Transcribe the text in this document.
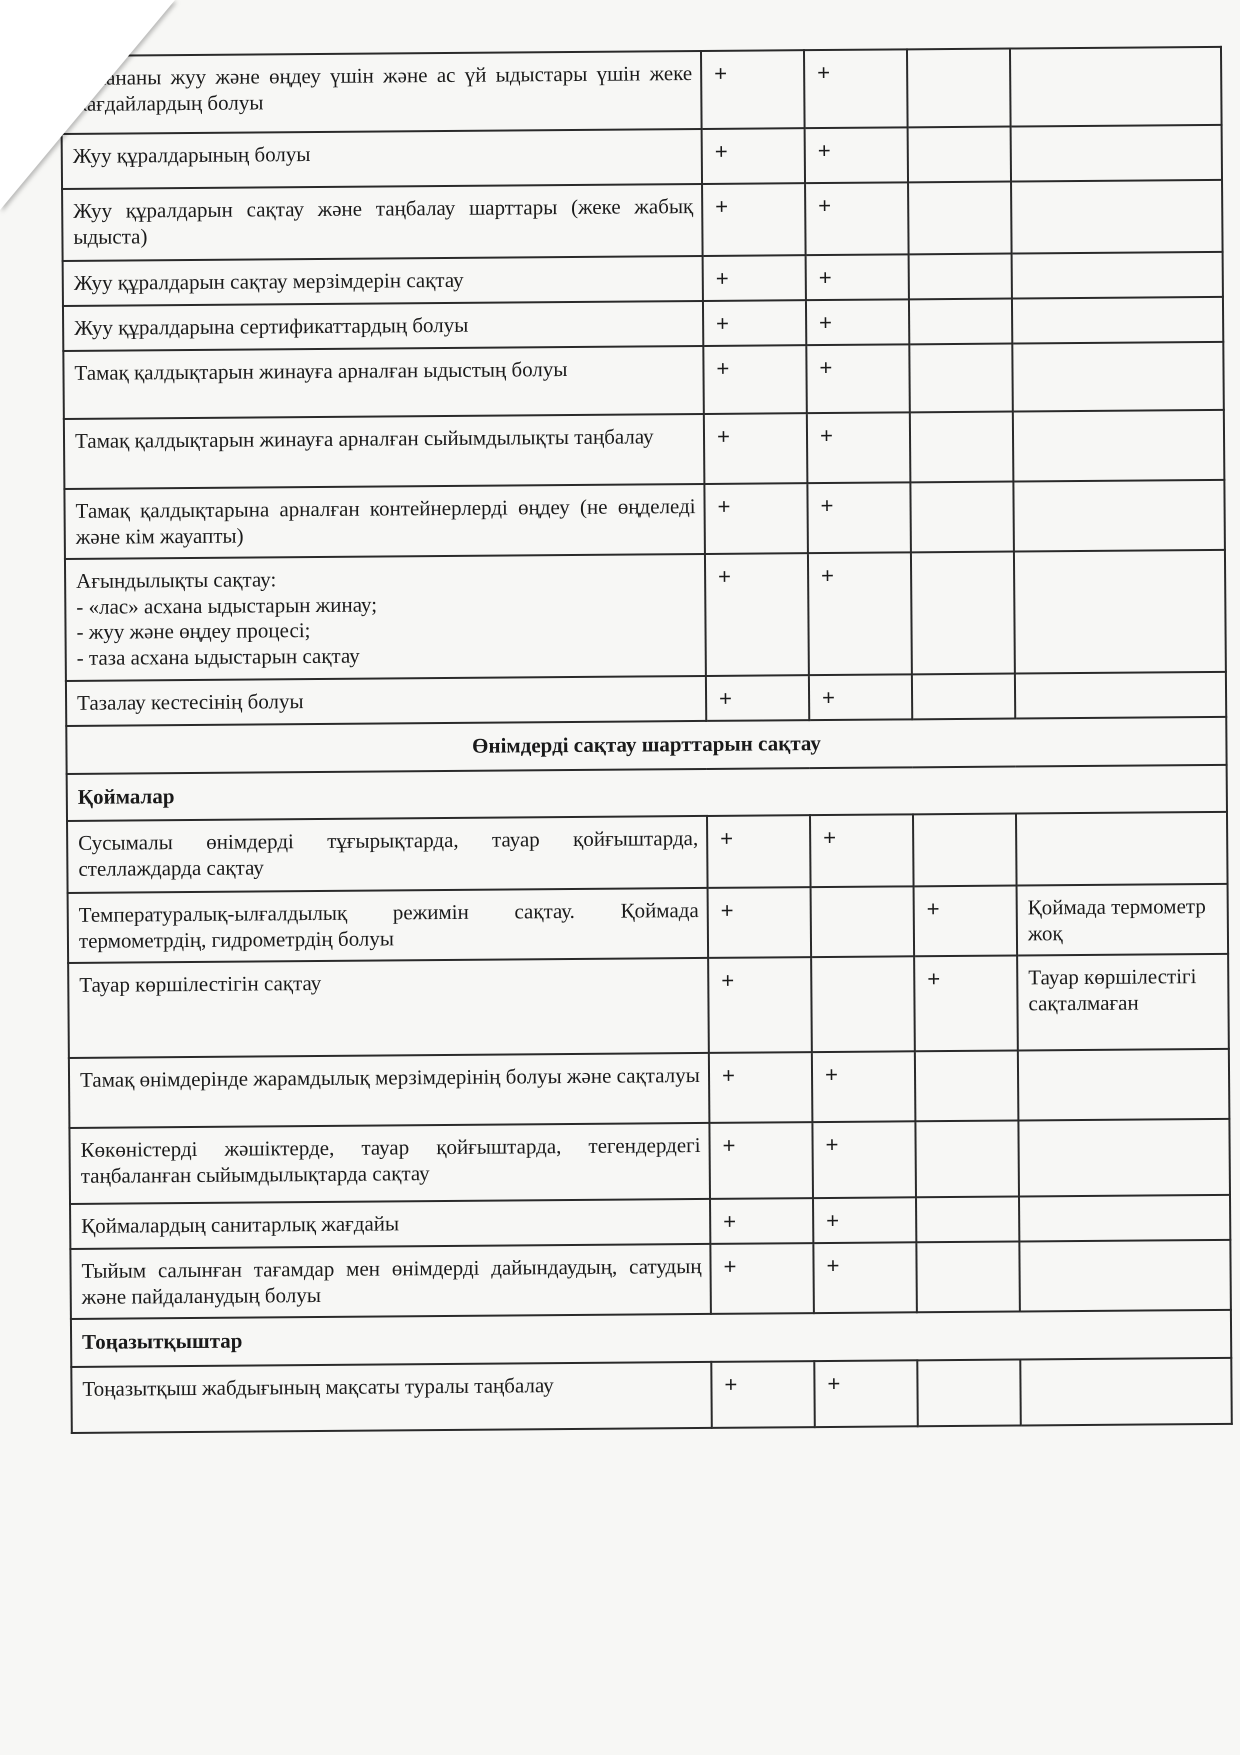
Асхананы жуу және өңдеу үшін және ас үй ыдыстары үшін жеке жағдайлардың болуы	+	+		
Жуу құралдарының болуы	+	+		
Жуу құралдарын сақтау және таңбалау шарттары (жеке жабық ыдыста)	+	+		
Жуу құралдарын сақтау мерзімдерін сақтау	+	+		
Жуу құралдарына сертификаттардың болуы	+	+		
Тамақ қалдықтарын жинауға арналған ыдыстың болуы	+	+		
Тамақ қалдықтарын жинауға арналған сыйымдылықты таңбалау	+	+		
Тамақ қалдықтарына арналған контейнерлерді өңдеу (не өңделеді және кім жауапты)	+	+		

Ағындылықты сақтау:
- «лас» асхана ыдыстарын жинау;
- жуу және өңдеу процесі;
- таза асхана ыдыстарын сақтау	+	+		
Тазалау кестесінің болуы	+	+		
Өнімдерді сақтау шарттарын сақтау				
Қоймалар				
Сусымалы өнімдерді тұғырықтарда, тауар қойғыштарда, стеллаждарда сақтау	+	+		
Температуралық-ылғалдылық режимін сақтау. Қоймада термометрдің, гидрометрдің болуы	+		+	Қоймада термометр жоқ
Тауар көршілестігін сақтау	+		+	Тауар көршілестігі сақталмаған
Тамақ өнімдерінде жарамдылық мерзімдерінің болуы және сақталуы	+	+		
Көкөністерді жәшіктерде, тауар қойғыштарда, тегендердегі таңбаланған сыйымдылықтарда сақтау	+	+		
Қоймалардың санитарлық жағдайы	+	+		
Тыйым салынған тағамдар мен өнімдерді дайындаудың, сатудың және пайдаланудың болуы	+	+		
Тоңазытқыштар				
Тоңазытқыш жабдығының мақсаты туралы таңбалау	+	+		
